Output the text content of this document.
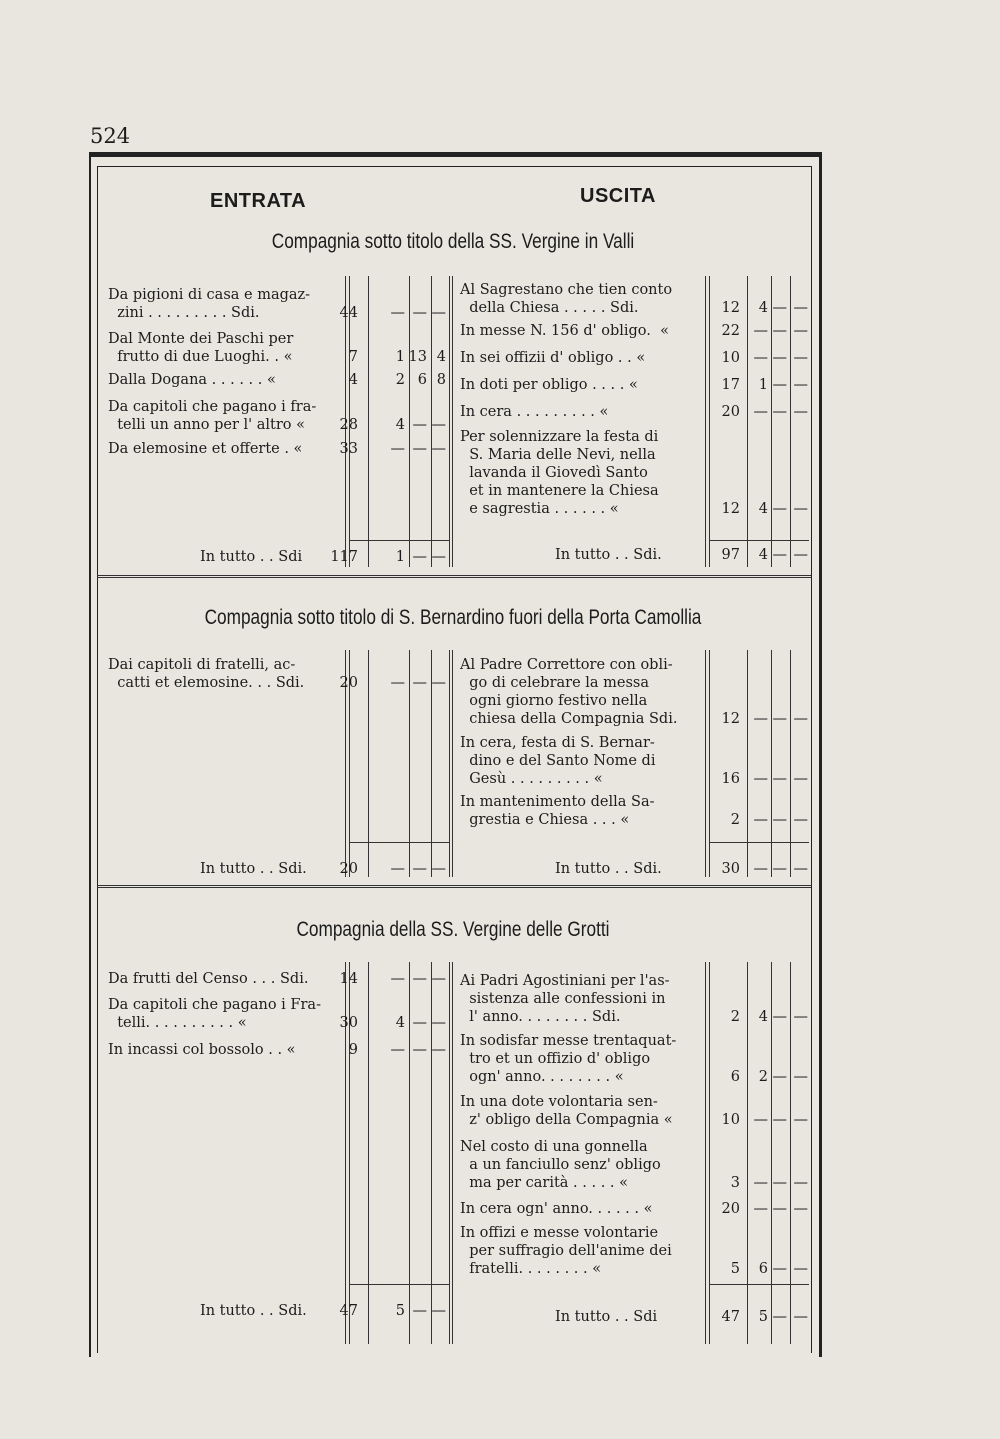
524
ENTRATA	USCITA
Compagnia sotto titolo della SS. Vergine in Valli
Da pigioni di casa e magaz-
zini . . . . . . . . . Sdi.	44	— — —
Dal Monte dei Paschi per
frutto di due Luoghi. . «	7	1 13 4
Dalla Dogana . . . . . . «	4	2 6 8
Da capitoli che pagano i fra-
telli un anno per l' altro «	28	4 — —
Da elemosine et offerte . «	33	— — —
Al Sagrestano che tien conto
della Chiesa . . . . . Sdi.	12	4 — —
In messe N. 156 d' obligo.  «	22 — — —
In sei offizii d' obligo . . «	10 — — —
In doti per obligo . . . . «	17	1 — —
In cera . . . . . . . . . «	20 — — —
Per solennizzare la festa di
S. Maria delle Nevi, nella
lavanda il Giovedì Santo
et in mantenere la Chiesa
e sagrestia . . . . . . «	12	4 — —
In tutto . . Sdi	117	1 — —	In tutto . . Sdi.	97	4 — —
Compagnia sotto titolo di S. Bernardino fuori della Porta Camollia
Dai capitoli di fratelli, ac-
catti et elemosine. . . Sdi.	20	— — —
Al Padre Correttore con obli-
go di celebrare la messa
ogni giorno festivo nella
chiesa della Compagnia Sdi.	12 — — —
In cera, festa di S. Bernar-
dino e del Santo Nome di
Gesù . . . . . . . . . «	16 — — —
In mantenimento della Sa-
grestia e Chiesa . . . «	2 — — —
In tutto . . Sdi.	20	— — —	In tutto . . Sdi.	30 — — —
Compagnia della SS. Vergine delle Grotti
Da frutti del Censo . . . Sdi.	14	— — —
Da capitoli che pagano i Fra-
telli. . . . . . . . . . «	30	4 — —
In incassi col bossolo . . «	9	— — —
Ai Padri Agostiniani per l'as-
sistenza alle confessioni in
l' anno. . . . . . . . Sdi.	2	4 — —
In sodisfar messe trentaquat-
tro et un offizio d' obligo
ogn' anno. . . . . . . . «	6	2 — —
In una dote volontaria sen-
z' obligo della Compagnia «	10 — — —
Nel costo di una gonnella
a un fanciullo senz' obligo
ma per carità . . . . . «	3 — — —
In cera ogn' anno. . . . . . «	20 — — —
In offizi e messe volontarie
per suffragio dell'anime dei
fratelli. . . . . . . . «	5	6 — —
In tutto . . Sdi.	47	5 — —	In tutto . . Sdi	47	5 — —
